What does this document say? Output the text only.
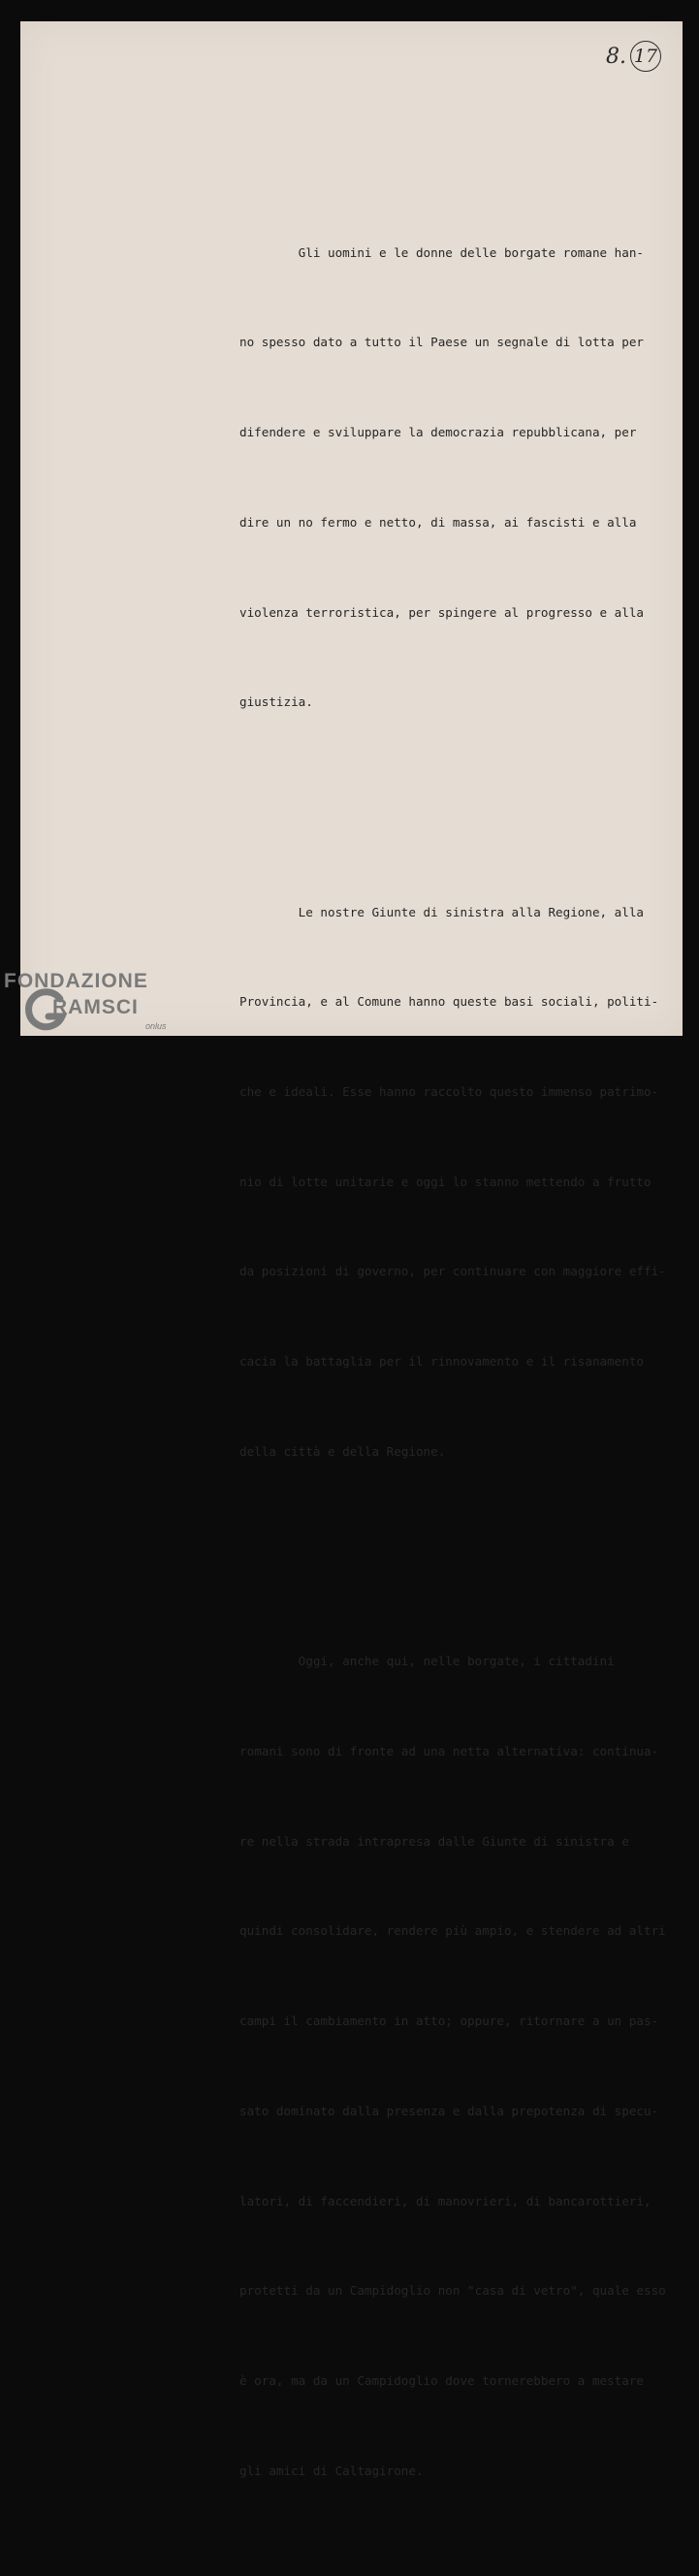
8. 17

Gli uomini e le donne delle borgate romane han-

no spesso dato a tutto il Paese un segnale di lotta per

difendere e sviluppare la democrazia repubblicana, per

dire un no fermo e netto, di massa, ai fascisti e alla

violenza terroristica, per spingere al progresso e alla

giustizia.

Le nostre Giunte di sinistra alla Regione, alla

Provincia, e al Comune hanno queste basi sociali, politi-

che e ideali. Esse hanno raccolto questo immenso patrimo-

nio di lotte unitarie e oggi lo stanno mettendo a frutto

da posizioni di governo, per continuare con maggiore effi-

cacia la battaglia per il rinnovamento e il risanamento

della città e della Regione.

Oggi, anche qui, nelle borgate, i cittadini

romani sono di fronte ad una netta alternativa: continua-

re nella strada intrapresa dalle Giunte di sinistra e

quindi consolidare, rendere più ampio, e stendere ad altri

campi il cambiamento in atto; oppure, ritornare a un pas-

sato dominato dalla presenza e dalla prepotenza di specu-

latori, di faccendieri, di manovrieri, di bancarottieri,

protetti da un Campidoglio non "casa di vetro", quale esso

è ora, ma da un Campidoglio dove tornerebbero a mestare

gli amici di Caltagirone.

FONDAZIONE
RAMSCI
onlus
